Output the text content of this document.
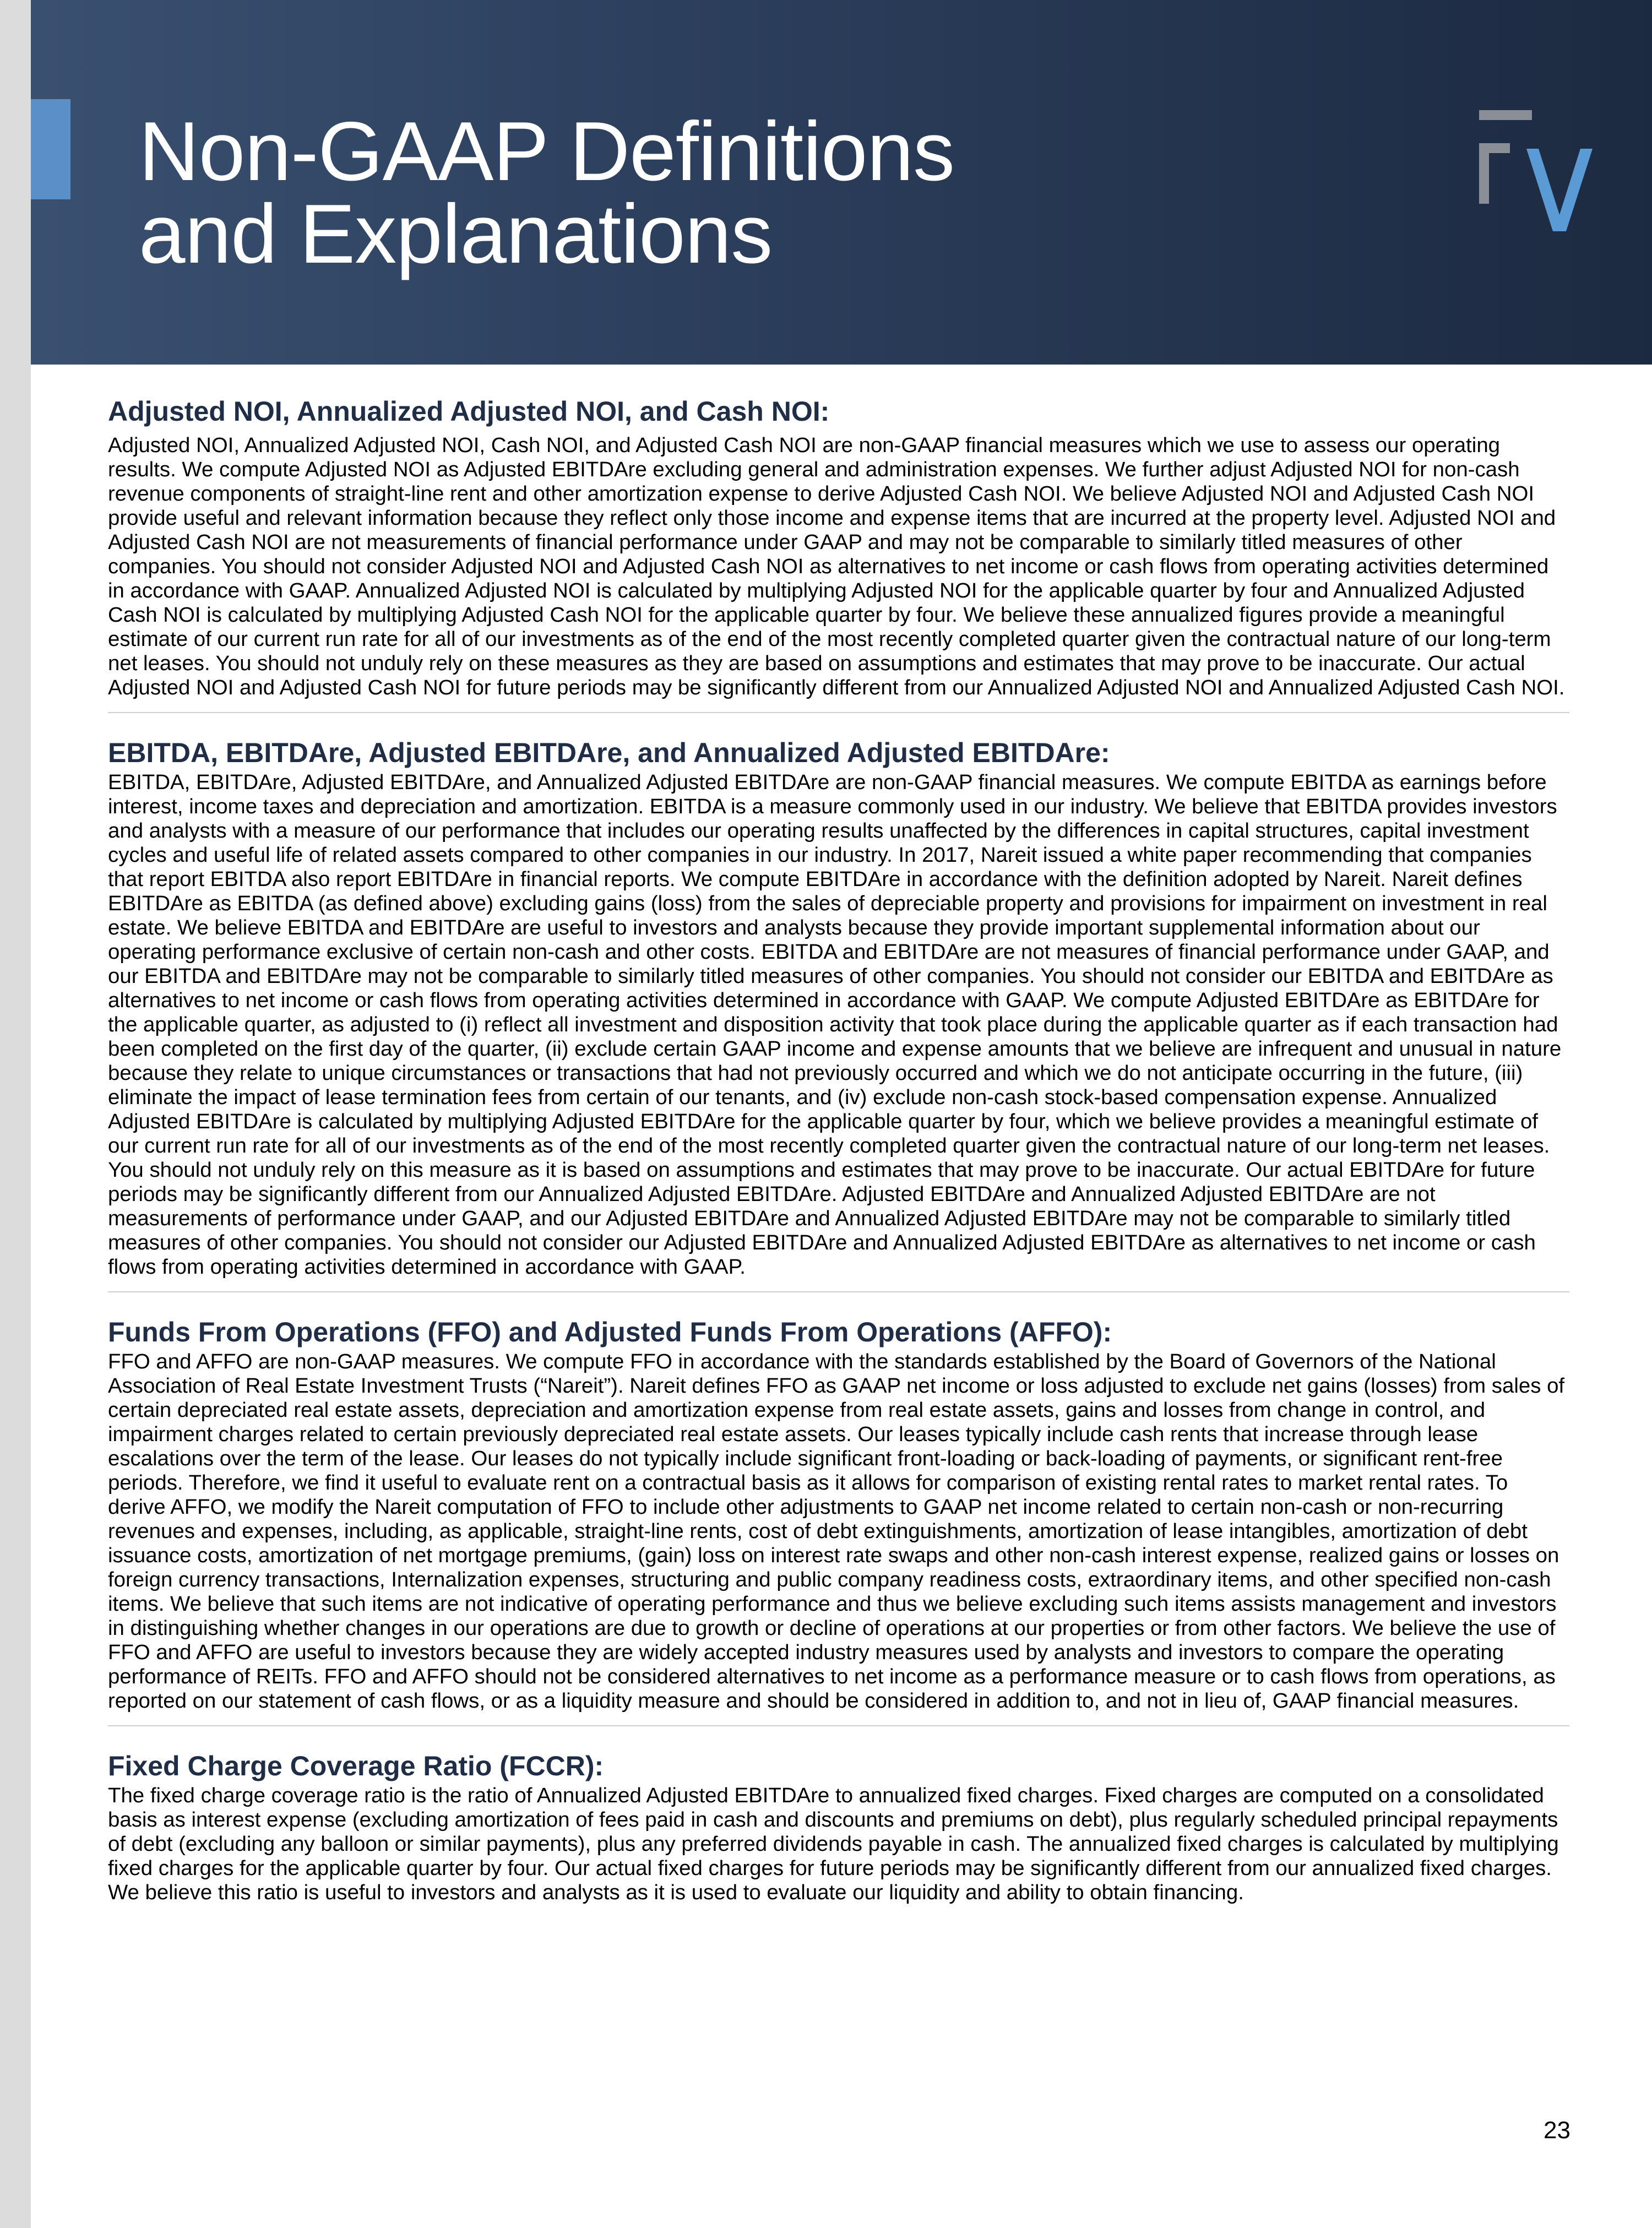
Non-GAAP Definitions
and Explanations
Adjusted NOI, Annualized Adjusted NOI, and Cash NOI:

Adjusted NOI, Annualized Adjusted NOI, Cash NOI, and Adjusted Cash NOI are non-GAAP financial measures which we use to assess our operating results. We compute Adjusted NOI as Adjusted EBITDAre excluding general and administration expenses. We further adjust Adjusted NOI for non-cash revenue components of straight-line rent and other amortization expense to derive Adjusted Cash NOI. We believe Adjusted NOI and Adjusted Cash NOI provide useful and relevant information because they reflect only those income and expense items that are incurred at the property level. Adjusted NOI and Adjusted Cash NOI are not measurements of financial performance under GAAP and may not be comparable to similarly titled measures of other companies. You should not consider Adjusted NOI and Adjusted Cash NOI as alternatives to net income or cash flows from operating activities determined in accordance with GAAP. Annualized Adjusted NOI is calculated by multiplying Adjusted NOI for the applicable quarter by four and Annualized Adjusted Cash NOI is calculated by multiplying Adjusted Cash NOI for the applicable quarter by four. We believe these annualized figures provide a meaningful estimate of our current run rate for all of our investments as of the end of the most recently completed quarter given the contractual nature of our long-term net leases. You should not unduly rely on these measures as they are based on assumptions and estimates that may prove to be inaccurate. Our actual Adjusted NOI and Adjusted Cash NOI for future periods may be significantly different from our Annualized Adjusted NOI and Annualized Adjusted Cash NOI.

EBITDA, EBITDAre, Adjusted EBITDAre, and Annualized Adjusted EBITDAre:

EBITDA, EBITDAre, Adjusted EBITDAre, and Annualized Adjusted EBITDAre are non-GAAP financial measures. We compute EBITDA as earnings before interest, income taxes and depreciation and amortization. EBITDA is a measure commonly used in our industry. We believe that EBITDA provides investors and analysts with a measure of our performance that includes our operating results unaffected by the differences in capital structures, capital investment cycles and useful life of related assets compared to other companies in our industry. In 2017, Nareit issued a white paper recommending that companies that report EBITDA also report EBITDAre in financial reports. We compute EBITDAre in accordance with the definition adopted by Nareit. Nareit defines EBITDAre as EBITDA (as defined above) excluding gains (loss) from the sales of depreciable property and provisions for impairment on investment in real estate. We believe EBITDA and EBITDAre are useful to investors and analysts because they provide important supplemental information about our operating performance exclusive of certain non-cash and other costs. EBITDA and EBITDAre are not measures of financial performance under GAAP, and our EBITDA and EBITDAre may not be comparable to similarly titled measures of other companies. You should not consider our EBITDA and EBITDAre as alternatives to net income or cash flows from operating activities determined in accordance with GAAP. We compute Adjusted EBITDAre as EBITDAre for the applicable quarter, as adjusted to (i) reflect all investment and disposition activity that took place during the applicable quarter as if each transaction had been completed on the first day of the quarter, (ii) exclude certain GAAP income and expense amounts that we believe are infrequent and unusual in nature because they relate to unique circumstances or transactions that had not previously occurred and which we do not anticipate occurring in the future, (iii) eliminate the impact of lease termination fees from certain of our tenants, and (iv) exclude non-cash stock-based compensation expense. Annualized Adjusted EBITDAre is calculated by multiplying Adjusted EBITDAre for the applicable quarter by four, which we believe provides a meaningful estimate of our current run rate for all of our investments as of the end of the most recently completed quarter given the contractual nature of our long-term net leases. You should not unduly rely on this measure as it is based on assumptions and estimates that may prove to be inaccurate. Our actual EBITDAre for future periods may be significantly different from our Annualized Adjusted EBITDAre. Adjusted EBITDAre and Annualized Adjusted EBITDAre are not measurements of performance under GAAP, and our Adjusted EBITDAre and Annualized Adjusted EBITDAre may not be comparable to similarly titled measures of other companies. You should not consider our Adjusted EBITDAre and Annualized Adjusted EBITDAre as alternatives to net income or cash flows from operating activities determined in accordance with GAAP.

Funds From Operations (FFO) and Adjusted Funds From Operations (AFFO):

FFO and AFFO are non-GAAP measures. We compute FFO in accordance with the standards established by the Board of Governors of the National Association of Real Estate Investment Trusts (“Nareit”). Nareit defines FFO as GAAP net income or loss adjusted to exclude net gains (losses) from sales of certain depreciated real estate assets, depreciation and amortization expense from real estate assets, gains and losses from change in control, and impairment charges related to certain previously depreciated real estate assets. Our leases typically include cash rents that increase through lease escalations over the term of the lease. Our leases do not typically include significant front-loading or back-loading of payments, or significant rent-free periods. Therefore, we find it useful to evaluate rent on a contractual basis as it allows for comparison of existing rental rates to market rental rates. To derive AFFO, we modify the Nareit computation of FFO to include other adjustments to GAAP net income related to certain non-cash or non-recurring revenues and expenses, including, as applicable, straight-line rents, cost of debt extinguishments, amortization of lease intangibles, amortization of debt issuance costs, amortization of net mortgage premiums, (gain) loss on interest rate swaps and other non-cash interest expense, realized gains or losses on foreign currency transactions, Internalization expenses, structuring and public company readiness costs, extraordinary items, and other specified non-cash items. We believe that such items are not indicative of operating performance and thus we believe excluding such items assists management and investors in distinguishing whether changes in our operations are due to growth or decline of operations at our properties or from other factors. We believe the use of FFO and AFFO are useful to investors because they are widely accepted industry measures used by analysts and investors to compare the operating performance of REITs. FFO and AFFO should not be considered alternatives to net income as a performance measure or to cash flows from operations, as reported on our statement of cash flows, or as a liquidity measure and should be considered in addition to, and not in lieu of, GAAP financial measures.

Fixed Charge Coverage Ratio (FCCR):

The fixed charge coverage ratio is the ratio of Annualized Adjusted EBITDAre to annualized fixed charges. Fixed charges are computed on a consolidated basis as interest expense (excluding amortization of fees paid in cash and discounts and premiums on debt), plus regularly scheduled principal repayments of debt (excluding any balloon or similar payments), plus any preferred dividends payable in cash. The annualized fixed charges is calculated by multiplying fixed charges for the applicable quarter by four. Our actual fixed charges for future periods may be significantly different from our annualized fixed charges. We believe this ratio is useful to investors and analysts as it is used to evaluate our liquidity and ability to obtain financing.

23
